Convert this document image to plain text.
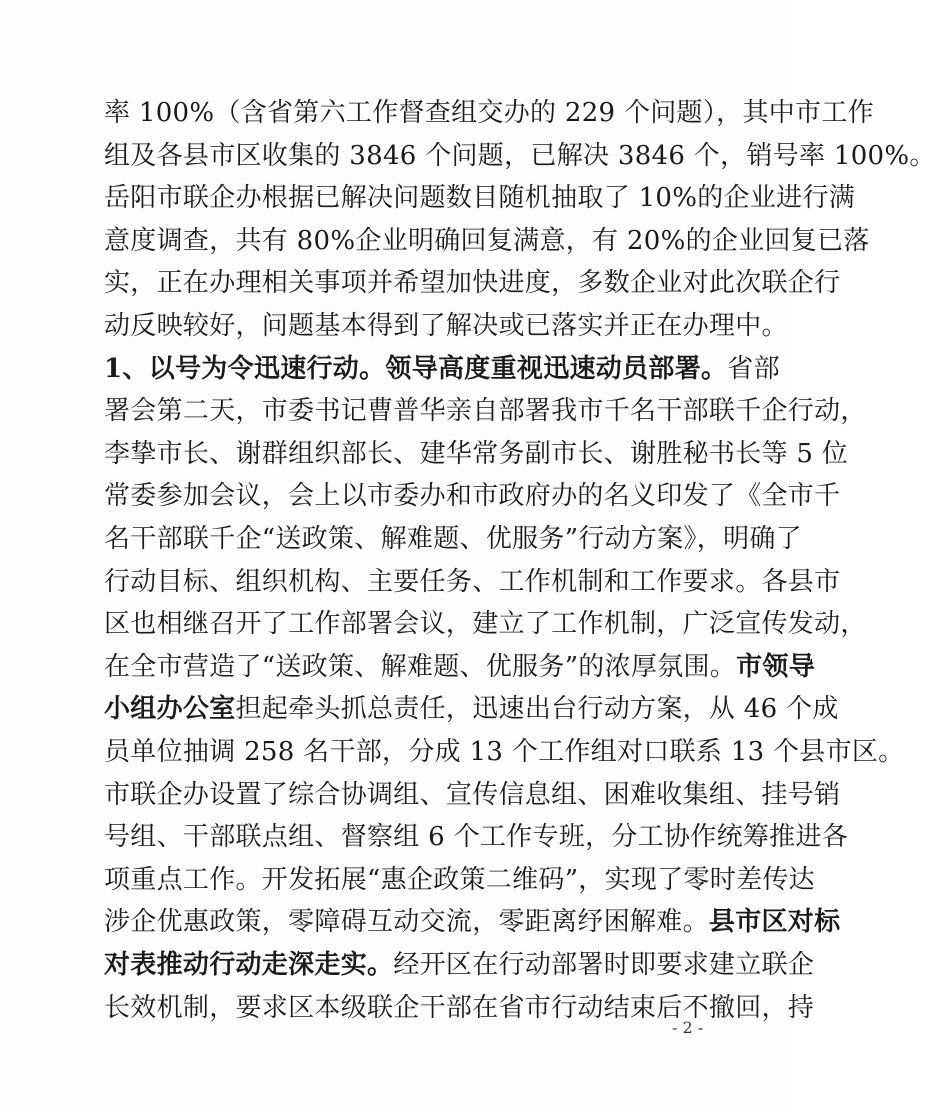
率 100%（含省第六工作督查组交办的 229 个问题），其中市工作
组及各县市区收集的 3846 个问题，已解决 3846 个，销号率 100%。
岳阳市联企办根据已解决问题数目随机抽取了 10%的企业进行满
意度调查，共有 80%企业明确回复满意，有 20%的企业回复已落
实，正在办理相关事项并希望加快进度，多数企业对此次联企行
动反映较好，问题基本得到了解决或已落实并正在办理中。
1、以号为令迅速行动。领导高度重视迅速动员部署。省部
署会第二天，市委书记曹普华亲自部署我市千名干部联千企行动，
李挚市长、谢群组织部长、建华常务副市长、谢胜秘书长等 5 位
常委参加会议，会上以市委办和市政府办的名义印发了《全市千
名干部联千企“送政策、解难题、优服务”行动方案》，明确了
行动目标、组织机构、主要任务、工作机制和工作要求。各县市
区也相继召开了工作部署会议，建立了工作机制，广泛宣传发动，
在全市营造了“送政策、解难题、优服务”的浓厚氛围。市领导
小组办公室担起牵头抓总责任，迅速出台行动方案，从 46 个成
员单位抽调 258 名干部，分成 13 个工作组对口联系 13 个县市区。
市联企办设置了综合协调组、宣传信息组、困难收集组、挂号销
号组、干部联点组、督察组 6 个工作专班，分工协作统筹推进各
项重点工作。开发拓展“惠企政策二维码”，实现了零时差传达
涉企优惠政策，零障碍互动交流，零距离纾困解难。县市区对标
对表推动行动走深走实。经开区在行动部署时即要求建立联企
长效机制，要求区本级联企干部在省市行动结束后不撤回，持
- 2 -
